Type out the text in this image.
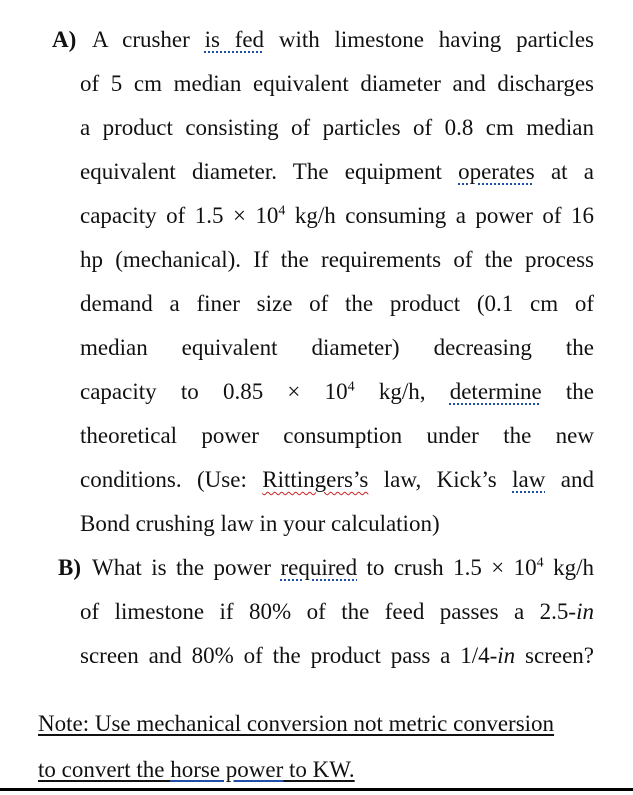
A) A crusher is fed with limestone having particles
of 5 cm median equivalent diameter and discharges
a product consisting of particles of 0.8 cm median
equivalent diameter. The equipment operates at a
capacity of $1.5 \times 10^4$ kg/h consuming a power of 16
hp (mechanical). If the requirements of the process
demand a finer size of the product (0.1 cm of
median equivalent diameter) decreasing the
capacity to $0.85 \times 10^4$ kg/h, determine the
theoretical power consumption under the new
conditions. (Use: Rittingers’s law, Kick’s law and
Bond crushing law in your calculation)
B) What is the power required to crush $1.5 \times 10^4$ kg/h
of limestone if 80% of the feed passes a 2.5-in
screen and 80% of the product pass a 1/4-in screen?
Note: Use mechanical conversion not metric conversion
to convert the horse power to KW.
